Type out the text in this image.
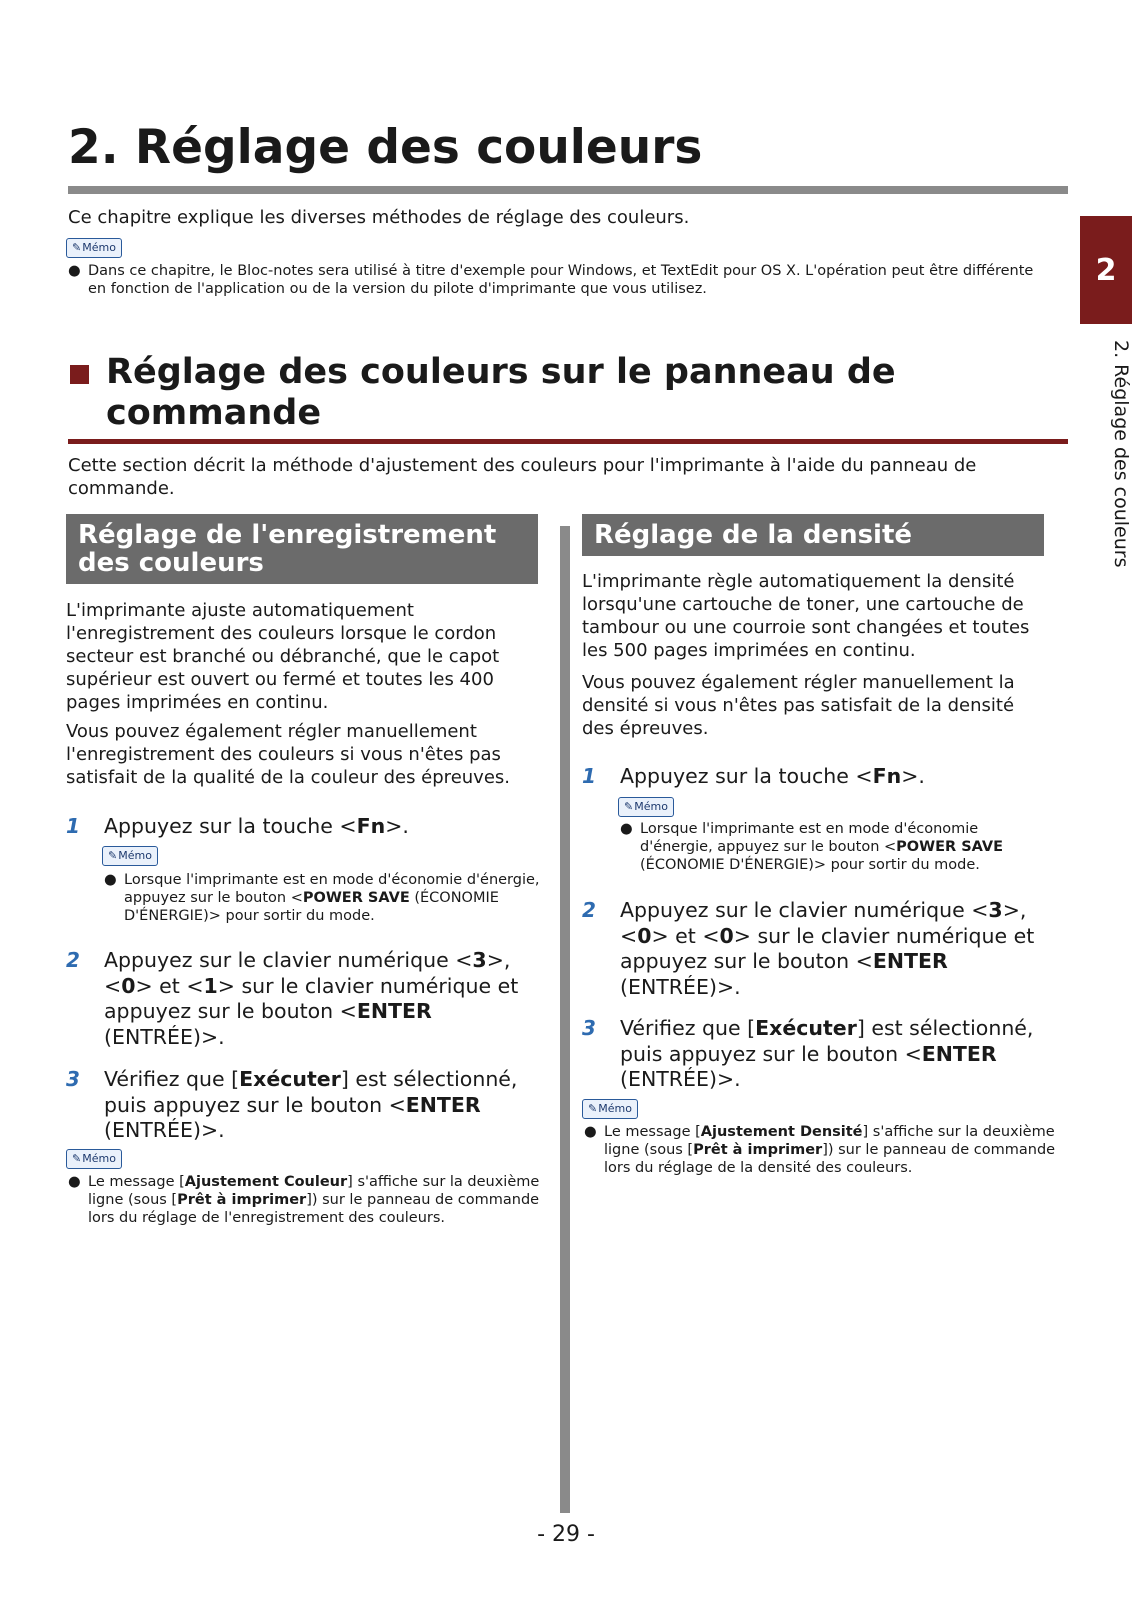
2. Réglage des couleurs

Ce chapitre explique les diverses méthodes de réglage des couleurs.

✎ Mémo

● Dans ce chapitre, le Bloc-notes sera utilisé à titre d'exemple pour Windows, et TextEdit pour OS X. L'opération peut être différente en fonction de l'application ou de la version du pilote d'imprimante que vous utilisez.

Réglage des couleurs sur le panneau de commande

Cette section décrit la méthode d'ajustement des couleurs pour l'imprimante à l'aide du panneau de commande.

Réglage de l'enregistrement des couleurs

L'imprimante ajuste automatiquement l'enregistrement des couleurs lorsque le cordon secteur est branché ou débranché, que le capot supérieur est ouvert ou fermé et toutes les 400 pages imprimées en continu.

Vous pouvez également régler manuellement l'enregistrement des couleurs si vous n'êtes pas satisfait de la qualité de la couleur des épreuves.

1 Appuyez sur la touche <Fn>.
✎ Mémo

● Lorsque l'imprimante est en mode d'économie d'énergie, appuyez sur le bouton <POWER SAVE (ÉCONOMIE D'ÉNERGIE)> pour sortir du mode.

2 Appuyez sur le clavier numérique <3>, <0> et <1> sur le clavier numérique et appuyez sur le bouton <ENTER (ENTRÉE)>.
3 Vérifiez que [Exécuter] est sélectionné, puis appuyez sur le bouton <ENTER (ENTRÉE)>.
✎ Mémo

● Le message [Ajustement Couleur] s'affiche sur la deuxième ligne (sous [Prêt à imprimer]) sur le panneau de commande lors du réglage de l'enregistrement des couleurs.

Réglage de la densité

L'imprimante règle automatiquement la densité lorsqu'une cartouche de toner, une cartouche de tambour ou une courroie sont changées et toutes les 500 pages imprimées en continu.

Vous pouvez également régler manuellement la densité si vous n'êtes pas satisfait de la densité des épreuves.

1 Appuyez sur la touche <Fn>.
✎ Mémo

● Lorsque l'imprimante est en mode d'économie d'énergie, appuyez sur le bouton <POWER SAVE (ÉCONOMIE D'ÉNERGIE)> pour sortir du mode.

2 Appuyez sur le clavier numérique <3>, <0> et <0> sur le clavier numérique et appuyez sur le bouton <ENTER (ENTRÉE)>.
3 Vérifiez que [Exécuter] est sélectionné, puis appuyez sur le bouton <ENTER (ENTRÉE)>.
✎ Mémo

● Le message [Ajustement Densité] s'affiche sur la deuxième ligne (sous [Prêt à imprimer]) sur le panneau de commande lors du réglage de la densité des couleurs.

2
2. Réglage des couleurs

- 29 -
